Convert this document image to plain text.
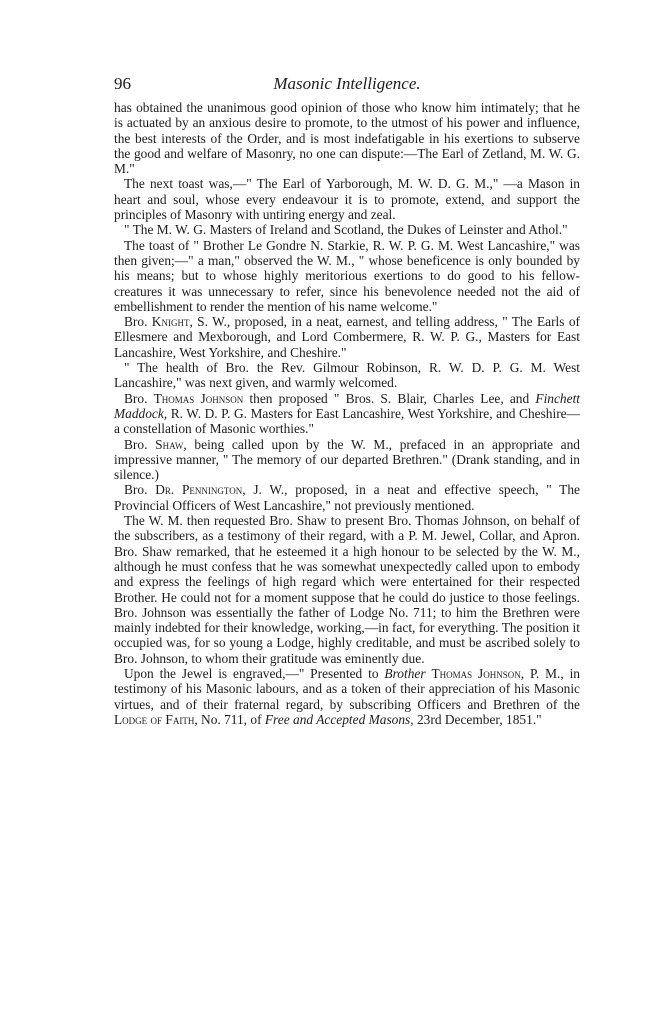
96	Masonic Intelligence.

has obtained the unanimous good opinion of those who know him intimately; that he is actuated by an anxious desire to promote, to the utmost of his power and influence, the best interests of the Order, and is most indefatigable in his exertions to subserve the good and welfare of Masonry, no one can dispute:—The Earl of Zetland, M. W. G. M."

The next toast was,—" The Earl of Yarborough, M. W. D. G. M.," —a Mason in heart and soul, whose every endeavour it is to promote, extend, and support the principles of Masonry with untiring energy and zeal.

" The M. W. G. Masters of Ireland and Scotland, the Dukes of Leinster and Athol."

The toast of " Brother Le Gondre N. Starkie, R. W. P. G. M. West Lancashire," was then given;—" a man," observed the W. M., " whose beneficence is only bounded by his means; but to whose highly meritorious exertions to do good to his fellow-creatures it was unnecessary to refer, since his benevolence needed not the aid of embellishment to render the mention of his name welcome."

Bro. Knight, S. W., proposed, in a neat, earnest, and telling address, " The Earls of Ellesmere and Mexborough, and Lord Combermere, R. W. P. G., Masters for East Lancashire, West Yorkshire, and Cheshire."

" The health of Bro. the Rev. Gilmour Robinson, R. W. D. P. G. M. West Lancashire," was next given, and warmly welcomed.

Bro. Thomas Johnson then proposed " Bros. S. Blair, Charles Lee, and Finchett Maddock, R. W. D. P. G. Masters for East Lancashire, West Yorkshire, and Cheshire—a constellation of Masonic worthies."

Bro. Shaw, being called upon by the W. M., prefaced in an appropriate and impressive manner, " The memory of our departed Brethren." (Drank standing, and in silence.)

Bro. Dr. Pennington, J. W., proposed, in a neat and effective speech, " The Provincial Officers of West Lancashire," not previously mentioned.

The W. M. then requested Bro. Shaw to present Bro. Thomas Johnson, on behalf of the subscribers, as a testimony of their regard, with a P. M. Jewel, Collar, and Apron. Bro. Shaw remarked, that he esteemed it a high honour to be selected by the W. M., although he must confess that he was somewhat unexpectedly called upon to embody and express the feelings of high regard which were entertained for their respected Brother. He could not for a moment suppose that he could do justice to those feelings. Bro. Johnson was essentially the father of Lodge No. 711; to him the Brethren were mainly indebted for their knowledge, working,—in fact, for everything. The position it occupied was, for so young a Lodge, highly creditable, and must be ascribed solely to Bro. Johnson, to whom their gratitude was eminently due.

Upon the Jewel is engraved,—" Presented to Brother Thomas Johnson, P. M., in testimony of his Masonic labours, and as a token of their appreciation of his Masonic virtues, and of their fraternal regard, by subscribing Officers and Brethren of the Lodge of Faith, No. 711, of Free and Accepted Masons, 23rd December, 1851."
